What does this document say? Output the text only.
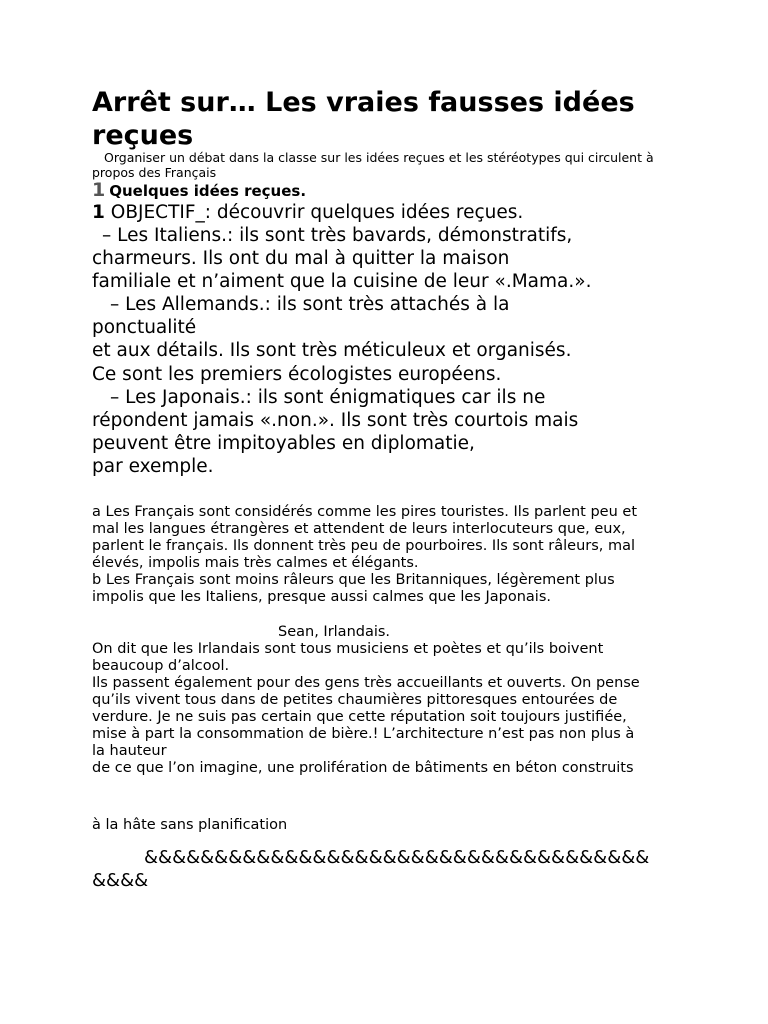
Arrêt sur… Les vraies fausses idées reçues

Organiser un débat dans la classe sur les idées reçues et les stéréotypes qui circulent à propos des Français

1 Quelques idées reçues.

1 OBJECTIF_: découvrir quelques idées reçues.

– Les Italiens.: ils sont très bavards, démonstratifs,
charmeurs. Ils ont du mal à quitter la maison
familiale et n’aiment que la cuisine de leur «.Mama.».
– Les Allemands.: ils sont très attachés à la
ponctualité
et aux détails. Ils sont très méticuleux et organisés.
Ce sont les premiers écologistes européens.
– Les Japonais.: ils sont énigmatiques car ils ne
répondent jamais «.non.». Ils sont très courtois mais
peuvent être impitoyables en diplomatie,
par exemple.

a Les Français sont considérés comme les pires touristes. Ils parlent peu et
mal les langues étrangères et attendent de leurs interlocuteurs que, eux,
parlent le français. Ils donnent très peu de pourboires. Ils sont râleurs, mal
élevés, impolis mais très calmes et élégants.
b Les Français sont moins râleurs que les Britanniques, légèrement plus
impolis que les Italiens, presque aussi calmes que les Japonais.

Sean, Irlandais.

On dit que les Irlandais sont tous musiciens et poètes et qu’ils boivent
beaucoup d’alcool.
Ils passent également pour des gens très accueillants et ouverts. On pense
qu’ils vivent tous dans de petites chaumières pittoresques entourées de
verdure. Je ne suis pas certain que cette réputation soit toujours justifiée,
mise à part la consommation de bière.! L’architecture n’est pas non plus à
la hauteur
de ce que l’on imagine, une prolifération de bâtiments en béton construits

à la hâte sans planification

&&&&&&&&&&&&&&&&&&&&&&&&&&&&&&&&&&&&
&&&&
